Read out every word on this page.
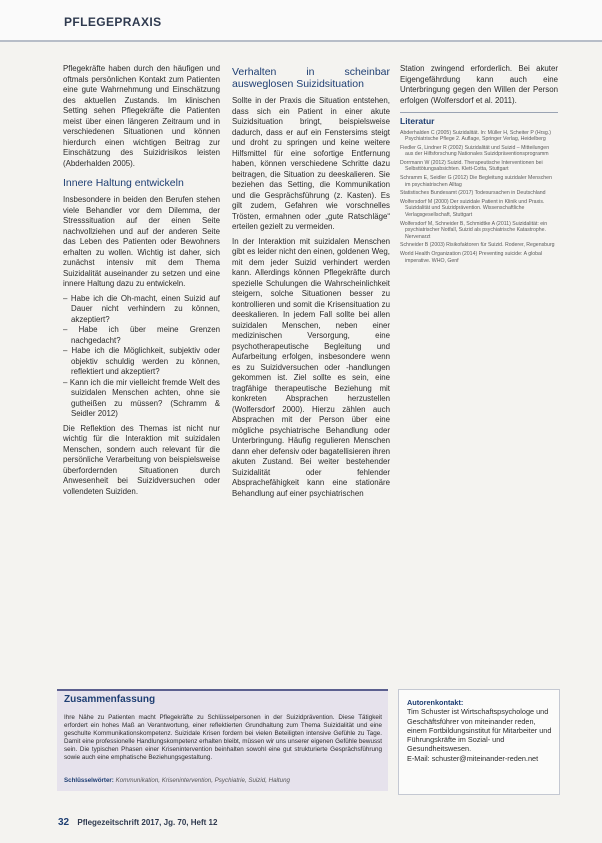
PFLEGEPRAXIS

Pflegekräfte haben durch den häufigen und oftmals persönlichen Kontakt zum Patienten eine gute Wahrnehmung und Einschätzung des aktuellen Zustands. Im klinischen Setting sehen Pflegekräfte die Patienten meist über einen längeren Zeitraum und in verschiedenen Situationen und können hierdurch einen wichtigen Beitrag zur Einschätzung des Suizidrisikos leisten (Abderhalden 2005).

Innere Haltung entwickeln

Insbesondere in beiden den Berufen stehen viele Behandler vor dem Dilemma, der Stresssituation auf der einen Seite nachvollziehen und auf der anderen Seite das Leben des Patienten oder Bewohners erhalten zu wollen. Wichtig ist daher, sich zunächst intensiv mit dem Thema Suizidalität auseinander zu setzen und eine innere Haltung dazu zu entwickeln.

– Habe ich die Oh-macht, einen Suizid auf Dauer nicht verhindern zu können, akzeptiert?
– Habe ich über meine Grenzen nachgedacht?
– Habe ich die Möglichkeit, subjektiv oder objektiv schuldig werden zu können, reflektiert und akzeptiert?
– Kann ich die mir vielleicht fremde Welt des suizidalen Menschen achten, ohne sie gutheißen zu müssen? (Schramm & Seidler 2012)

Die Reflektion des Themas ist nicht nur wichtig für die Interaktion mit suizidalen Menschen, sondern auch relevant für die persönliche Verarbeitung von beispielsweise überfordernden Situationen durch Anwesenheit bei Suizidversuchen oder vollendeten Suiziden.

Verhalten in scheinbar ausweglosen Suizidsituation

Sollte in der Praxis die Situation entstehen, dass sich ein Patient in einer akute Suizidsituation bringt, beispielsweise dadurch, dass er auf ein Fenstersims steigt und droht zu springen und keine weitere Hilfsmittel für eine sofortige Entfernung haben, können verschiedene Schritte dazu beitragen, die Situation zu deeskalieren. Sie beziehen das Setting, die Kommunikation und die Gesprächsführung (z. Kasten). Es gilt zudem, Gefahren wie vorschnelles Trösten, ermahnen oder „gute Ratschläge“ erteilen gezielt zu vermeiden.

In der Interaktion mit suizidalen Menschen gibt es leider nicht den einen, goldenen Weg, mit dem jeder Suizid verhindert werden kann. Allerdings können Pflegekräfte durch spezielle Schulungen die Wahrscheinlichkeit steigern, solche Situationen besser zu kontrollieren und somit die Krisensituation zu deeskalieren. In jedem Fall sollte bei allen suizidalen Menschen, neben einer medizinischen Versorgung, eine psychotherapeutische Begleitung und Aufarbeitung erfolgen, insbesondere wenn es zu Suizidversuchen oder -handlungen gekommen ist. Ziel sollte es sein, eine tragfähige therapeutische Beziehung mit konkreten Absprachen herzustellen (Wolfersdorf 2000). Hierzu zählen auch Absprachen mit der Person über eine mögliche psychiatrische Behandlung oder Unterbringung. Häufig regulieren Menschen dann eher defensiv oder bagatellisieren ihren akuten Zustand. Bei weiter bestehender Suizidalität oder fehlender Absprachefähigkeit kann eine stationäre Behandlung auf einer psychiatrischen

Station zwingend erforderlich. Bei akuter Eigengefährdung kann auch eine Unterbringung gegen den Willen der Person erfolgen (Wolfersdorf et al. 2011).

Literatur
Abderhalden C (2005) Suizidalität. In: Müller H, Scheiter P (Hrsg.) Psychiatrische Pflege 2. Auflage, Springer Verlag, Heidelberg
Fiedler G, Lindner R (2002) Suizidalität und Suizid – Mitteilungen aus der Hilfsforschung Nationales Suizidpräventionsprogramm
Dorrmann W (2012) Suizid. Therapeutische Interventionen bei Selbsttötungsabsichten. Klett-Cotta, Stuttgart
Schramm E, Seidler G (2012) Die Begleitung suizidaler Menschen im psychiatrischen Alltag
Statistisches Bundesamt (2017) Todesursachen in Deutschland
Wolfersdorf M (2000) Der suizidale Patient in Klinik und Praxis. Suizidalität und Suizidprävention. Wissenschaftliche Verlagsgesellschaft, Stuttgart
Wolfersdorf M, Schneider B, Schmidtke A (2011) Suizidalität: ein psychiatrischer Notfall, Suizid als psychiatrische Katastrophe. Nervenarzt
Schneider B (2003) Risikofaktoren für Suizid. Roderer, Regensburg
World Health Organization (2014) Preventing suicide: A global imperative. WHO, Genf
Zusammenfassung
Ihre Nähe zu Patienten macht Pflegekräfte zu Schlüsselpersonen in der Suizidprävention. Diese Tätigkeit erfordert ein hohes Maß an Verantwortung, einer reflektierten Grundhaltung zum Thema Suizidalität und eine geschulte Kommunikationskompetenz. Suizidale Krisen fordern bei vielen Beteiligten intensive Gefühle zu Tage. Damit eine professionelle Handlungskompetenz erhalten bleibt, müssen wir uns unserer eigenen Gefühle bewusst sein. Die typischen Phasen einer Krisenintervention beinhalten sowohl eine gut strukturierte Gesprächsführung sowie auch eine emphatische Beziehungsgestaltung.
Schlüsselwörter: Kommunikation, Krisenintervention, Psychiatrie, Suizid, Haltung
Autorenkontakt:
Tim Schuster ist Wirtschaftspsychologe und Geschäftsführer von miteinander reden, einem Fortbildungsinstitut für Mitarbeiter und Führungskräfte im Sozial- und Gesundheitswesen.
E-Mail: schuster@miteinander-reden.net
32 Pflegezeitschrift 2017, Jg. 70, Heft 12
